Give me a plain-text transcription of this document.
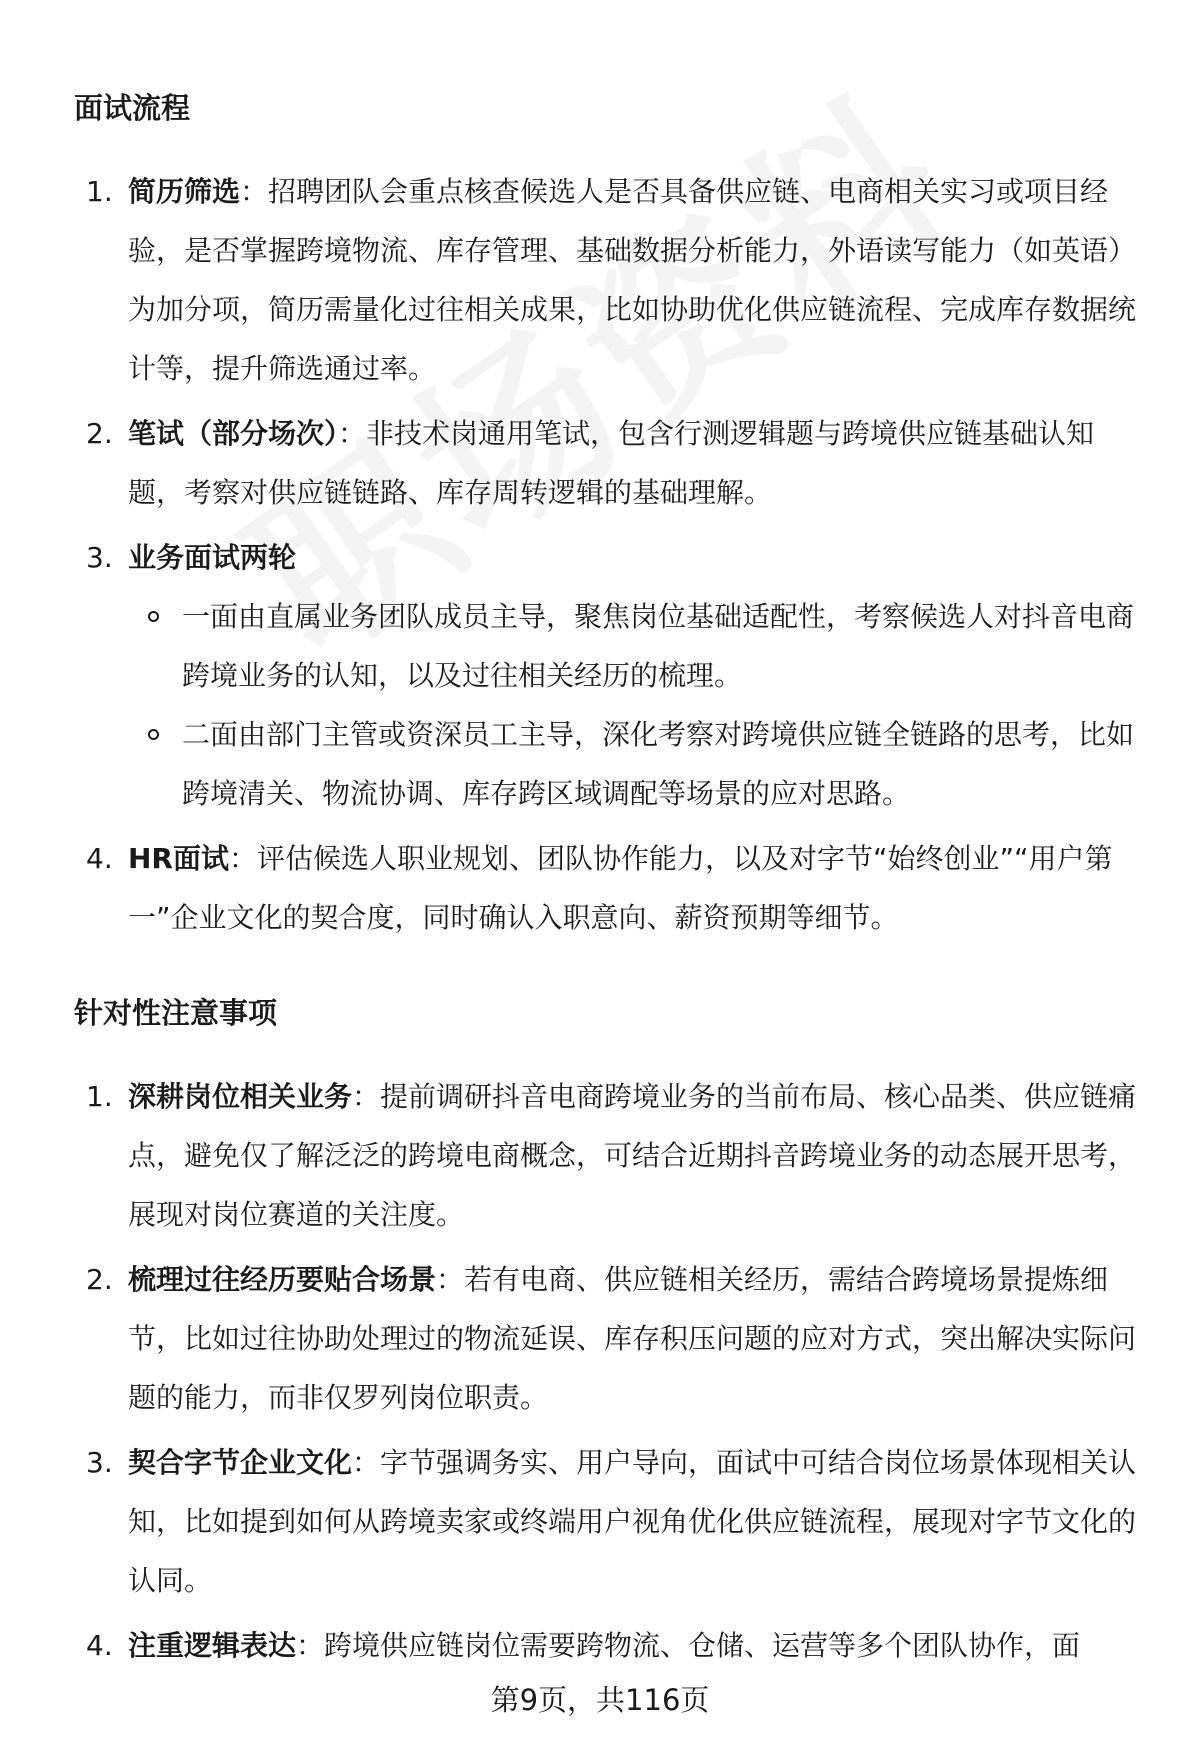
面试流程
1. 简历筛选：招聘团队会重点核查候选人是否具备供应链、电商相关实习或项目经验，是否掌握跨境物流、库存管理、基础数据分析能力，外语读写能力（如英语）为加分项，简历需量化过往相关成果，比如协助优化供应链流程、完成库存数据统计等，提升筛选通过率。
2. 笔试（部分场次）：非技术岗通用笔试，包含行测逻辑题与跨境供应链基础认知题，考察对供应链链路、库存周转逻辑的基础理解。
3. 业务面试两轮
一面由直属业务团队成员主导，聚焦岗位基础适配性，考察候选人对抖音电商跨境业务的认知，以及过往相关经历的梳理。
二面由部门主管或资深员工主导，深化考察对跨境供应链全链路的思考，比如跨境清关、物流协调、库存跨区域调配等场景的应对思路。
4. HR面试：评估候选人职业规划、团队协作能力，以及对字节“始终创业”“用户第一”企业文化的契合度，同时确认入职意向、薪资预期等细节。
针对性注意事项
1. 深耕岗位相关业务：提前调研抖音电商跨境业务的当前布局、核心品类、供应链痛点，避免仅了解泛泛的跨境电商概念，可结合近期抖音跨境业务的动态展开思考，展现对岗位赛道的关注度。
2. 梳理过往经历要贴合场景：若有电商、供应链相关经历，需结合跨境场景提炼细节，比如过往协助处理过的物流延误、库存积压问题的应对方式，突出解决实际问题的能力，而非仅罗列岗位职责。
3. 契合字节企业文化：字节强调务实、用户导向，面试中可结合岗位场景体现相关认知，比如提到如何从跨境卖家或终端用户视角优化供应链流程，展现对字节文化的认同。
4. 注重逻辑表达：跨境供应链岗位需要跨物流、仓储、运营等多个团队协作，面
第9页，共116页
